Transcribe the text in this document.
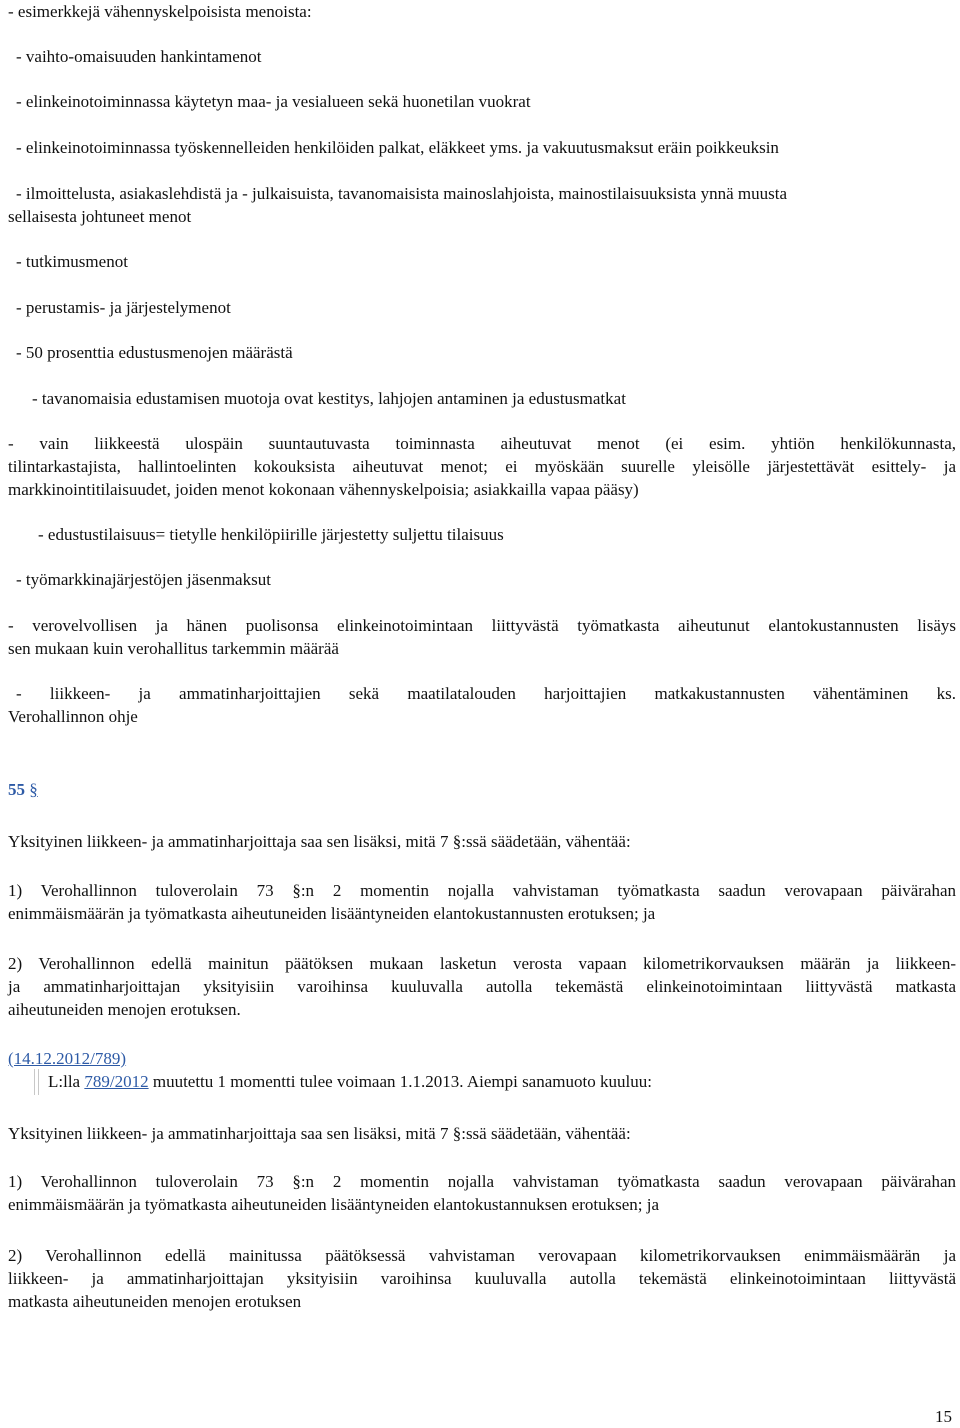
- esimerkkejä vähennyskelpoisista menoista:
- vaihto-omaisuuden hankintamenot
- elinkeinotoiminnassa käytetyn maa- ja vesialueen sekä huonetilan vuokrat
- elinkeinotoiminnassa työskennelleiden henkilöiden palkat, eläkkeet yms. ja vakuutusmaksut eräin poikkeuksin
- ilmoittelusta, asiakaslehdistä ja - julkaisuista, tavanomaisista mainoslahjoista, mainostilaisuuksista ynnä muusta
sellaisesta johtuneet menot
- tutkimusmenot
- perustamis- ja järjestelymenot
- 50 prosenttia edustusmenojen määrästä
- tavanomaisia edustamisen muotoja ovat kestitys, lahjojen antaminen ja edustusmatkat
- vain liikkeestä ulospäin suuntautuvasta toiminnasta aiheutuvat menot (ei esim. yhtiön henkilökunnasta,
tilintarkastajista, hallintoelinten kokouksista aiheutuvat menot; ei myöskään suurelle yleisölle järjestettävät esittely- ja
markkinointitilaisuudet, joiden menot kokonaan vähennyskelpoisia; asiakkailla vapaa pääsy)
- edustustilaisuus= tietylle henkilöpiirille järjestetty suljettu tilaisuus
- työmarkkinajärjestöjen jäsenmaksut
- verovelvollisen ja hänen puolisonsa elinkeinotoimintaan liittyvästä työmatkasta aiheutunut elantokustannusten lisäys
sen mukaan kuin verohallitus tarkemmin määrää
- liikkeen- ja ammatinharjoittajien sekä maatilatalouden harjoittajien matkakustannusten vähentäminen ks.
Verohallinnon ohje
55 §
Yksityinen liikkeen- ja ammatinharjoittaja saa sen lisäksi, mitä 7 §:ssä säädetään, vähentää:
1) Verohallinnon tuloverolain 73 §:n 2 momentin nojalla vahvistaman työmatkasta saadun verovapaan päivärahan
enimmäismäärän ja työmatkasta aiheutuneiden lisääntyneiden elantokustannusten erotuksen; ja
2) Verohallinnon edellä mainitun päätöksen mukaan lasketun verosta vapaan kilometrikorvauksen määrän ja liikkeen-
ja ammatinharjoittajan yksityisiin varoihinsa kuuluvalla autolla tekemästä elinkeinotoimintaan liittyvästä matkasta
aiheutuneiden menojen erotuksen.
(14.12.2012/789)
L:lla 789/2012 muutettu 1 momentti tulee voimaan 1.1.2013. Aiempi sanamuoto kuuluu:
Yksityinen liikkeen- ja ammatinharjoittaja saa sen lisäksi, mitä 7 §:ssä säädetään, vähentää:
1) Verohallinnon tuloverolain 73 §:n 2 momentin nojalla vahvistaman työmatkasta saadun verovapaan päivärahan
enimmäismäärän ja työmatkasta aiheutuneiden lisääntyneiden elantokustannuksen erotuksen; ja
2) Verohallinnon edellä mainitussa päätöksessä vahvistaman verovapaan kilometrikorvauksen enimmäismäärän ja
liikkeen- ja ammatinharjoittajan yksityisiin varoihinsa kuuluvalla autolla tekemästä elinkeinotoimintaan liittyvästä
matkasta aiheutuneiden menojen erotuksen
15
